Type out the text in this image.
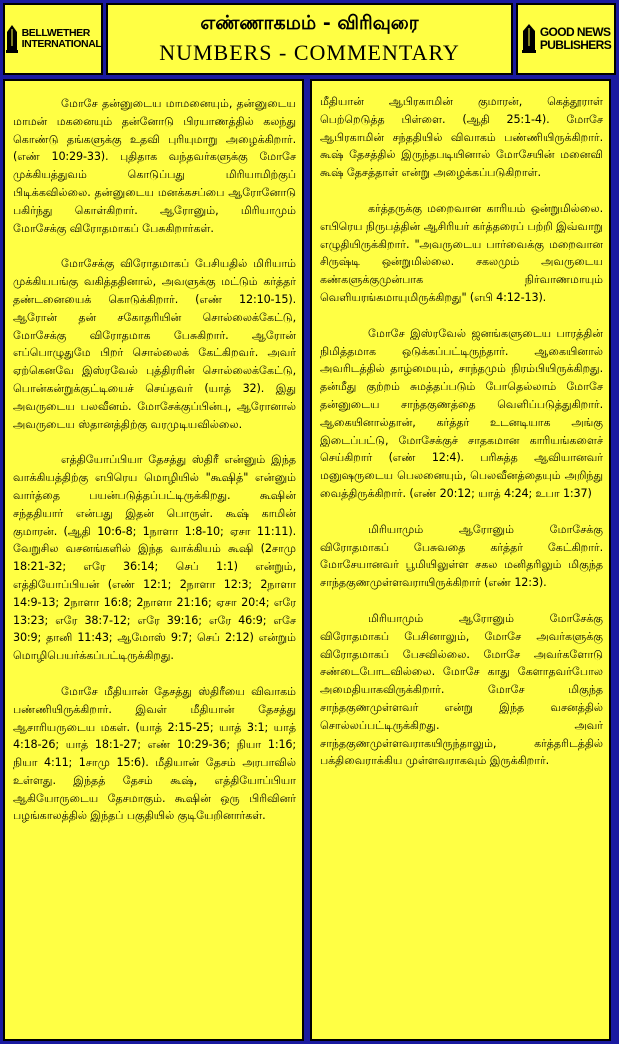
BELLWETHER
INTERNATIONAL
எண்ணாகமம் - விரிவுரை
NUMBERS - COMMENTARY
GOOD NEWS
PUBLISHERS

மோசே தன்னுடைய மாமனையும், தன்னுடைய மாமன் மகனையும் தன்னோடு பிரயாணத்தில் கலந்து கொண்டு தங்களுக்கு உதவி புரியுமாறு அழைக்கிறார். (எண் 10:29-33). புதிதாக வந்தவர்களுக்கு மோசே முக்கியத்துவம் கொடுப்பது மிரியாமிற்குப் பிடிக்கவில்லை. தன்னுடைய மனக்கசப்பை ஆரோனோடு பகிர்ந்து கொள்கிறார். ஆரோனும், மிரியாமும் மோசேக்கு விரோதமாகப் பேசுகிறார்கள்.

மோசேக்கு விரோதமாகப் பேசியதில் மிரியாம் முக்கியபங்கு வகித்ததினால், அவளுக்கு மட்டும் கர்த்தர் தண்டனையைக் கொடுக்கிறார். (எண் 12:10-15). ஆரோன் தன் சகோதரியின் சொல்லைக்கேட்டு, மோசேக்கு விரோதமாக பேசுகிறார். ஆரோன் எப்பொழுதுமே பிறர் சொல்லைக் கேட்கிறவர். அவர் ஏற்கெனவே இஸ்ரவேல் புத்திரரின் சொல்லைக்கேட்டு, பொன்கன்றுக்குட்டியைச் செய்தவர் (யாத் 32). இது அவருடைய பலவீனம். மோசேக்குப்பின்பு, ஆரோனால் அவருடைய ஸ்தானத்திற்கு வரமுடியவில்லை.

எத்தியோப்பியா தேசத்து ஸ்திரீ என்னும் இந்த வாக்கியத்திற்கு எபிரெய மொழியில் "கூஷித்" என்னும் வார்த்தை பயன்படுத்தப்பட்டிருக்கிறது. கூஷின் சந்ததியார் என்பது இதன் பொருள். கூஷ் காமின் குமாரன். (ஆதி 10:6-8; 1நாளா 1:8-10; ஏசா 11:11). வேறுசில வசனங்களில் இந்த வாக்கியம் கூஷி (2சாமு 18:21-32; எரே 36:14; செப் 1:1) என்றும், எத்தியோப்பியன் (எண் 12:1; 2நாளா 12:3; 2நாளா 14:9-13; 2நாளா 16:8; 2நாளா 21:16; ஏசா 20:4; எரே 13:23; எரே 38:7-12; எரே 39:16; எரே 46:9; எசே 30:9; தானி 11:43; ஆமோஸ் 9:7; செப் 2:12) என்றும் மொழிபெயர்க்கப்பட்டிருக்கிறது.

மோசே மீதியான் தேசத்து ஸ்திரீயை விவாகம் பண்ணியிருக்கிறார். இவள் மீதியான் தேசத்து ஆசாரியருடைய மகள். (யாத் 2:15-25; யாத் 3:1; யாத் 4:18-26; யாத் 18:1-27; எண் 10:29-36; நியா 1:16; நியா 4:11; 1சாமு 15:6). மீதியான் தேசம் அரபாவில் உள்ளது. இந்தத் தேசம் கூஷ், எத்தியோப்பியா ஆகியோருடைய தேசமாகும். கூஷின் ஒரு பிரிவினர் பழங்காலத்தில் இந்தப் பகுதியில் குடியேறினார்கள்.

மீதியான் ஆபிரகாமின் குமாரன், கெத்தூராள் பெற்றெடுத்த பிள்ளை. (ஆதி 25:1-4). மோசே ஆபிரகாமின் சந்ததியில் விவாகம் பண்ணியிருக்கிறார். கூஷ் தேசத்தில் இருந்தபடியினால் மோசேயின் மனைவி கூஷ் தேசத்தாள் என்று அழைக்கப்படுகிறாள்.

கர்த்தருக்கு மறைவான காரியம் ஒன்றுமில்லை. எபிரெய நிருபத்தின் ஆசிரியர் கர்த்தரைப் பற்றி இவ்வாறு எழுதியிருக்கிறார். "அவருடைய பார்வைக்கு மறைவான சிருஷ்டி ஒன்றுமில்லை. சகலமும் அவருடைய கண்களுக்குமுன்பாக நிர்வாணமாயும் வெளியரங்கமாயுமிருக்கிறது" (எபி 4:12-13).

மோசே இஸ்ரவேல் ஜனங்களுடைய பாரத்தின் நிமித்தமாக ஒடுக்கப்பட்டிருந்தார். ஆகையினால் அவரிடத்தில் தாழ்மையும், சாந்தமும் நிரம்பியிருக்கிறது. தன்மீது குற்றம் சுமத்தப்படும் போதெல்லாம் மோசே தன்னுடைய சாந்தகுணத்தை வெளிப்படுத்துகிறார். ஆகையினால்தான், கர்த்தர் உடனடியாக அங்கு இடைப்பட்டு, மோசேக்குச் சாதகமான காரியங்களைச் செய்கிறார் (எண் 12:4). பரிசுத்த ஆவியானவர் மனுஷருடைய பெலனையும், பெலவீனத்தையும் அறிந்து வைத்திருக்கிறார். (எண் 20:12; யாத் 4:24; உபா 1:37)

மிரியாமும் ஆரோனும் மோசேக்கு விரோதமாகப் பேசுவதை கர்த்தர் கேட்கிறார். மோசேயானவர் பூமியிலுள்ள சகல மனிதரிலும் மிகுந்த சாந்தகுணமுள்ளவராயிருக்கிறார் (எண் 12:3).

மிரியாமும் ஆரோனும் மோசேக்கு விரோதமாகப் பேசினாலும், மோசே அவர்களுக்கு விரோதமாகப் பேசவில்லை. மோசே அவர்களோடு சண்டைபோடவில்லை. மோசே காது கேளாதவர்போல அமைதியாகவிருக்கிறார். மோசே மிகுந்த சாந்தகுணமுள்ளவர் என்று இந்த வசனத்தில் சொல்லப்பட்டிருக்கிறது. அவர் சாந்தகுணமுள்ளவராகயிருந்தாலும், கர்த்தரிடத்தில் பக்திவைராக்கிய முள்ளவராகவும் இருக்கிறார்.
